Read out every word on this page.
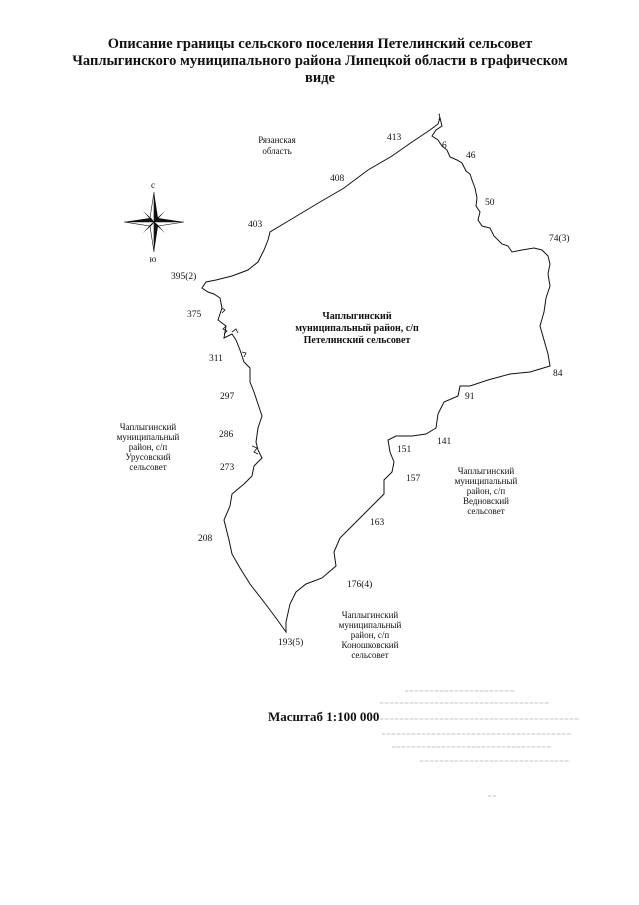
Описание границы сельского поселения Петелинский сельсовет
Чаплыгинского муниципального района Липецкой области в графическом
виде
с
ю
Рязанская
область
Чаплыгинский
муниципальный район, с/п
Петелинский сельсовет
Чаплыгинский
муниципальный
район, с/п
Урусовский
сельсовет	Чаплыгинский
муниципальный
район, с/п
Ведновский
сельсовет
Чаплыгинский
муниципальный
район, с/п
Коношковский
сельсовет
1
6
46
50
74(3)
84
91
141
151
157
163
176(4)
193(5)
208
273
286
297
311
375
395(2)
403
408
413
Масштаб 1:100 000
